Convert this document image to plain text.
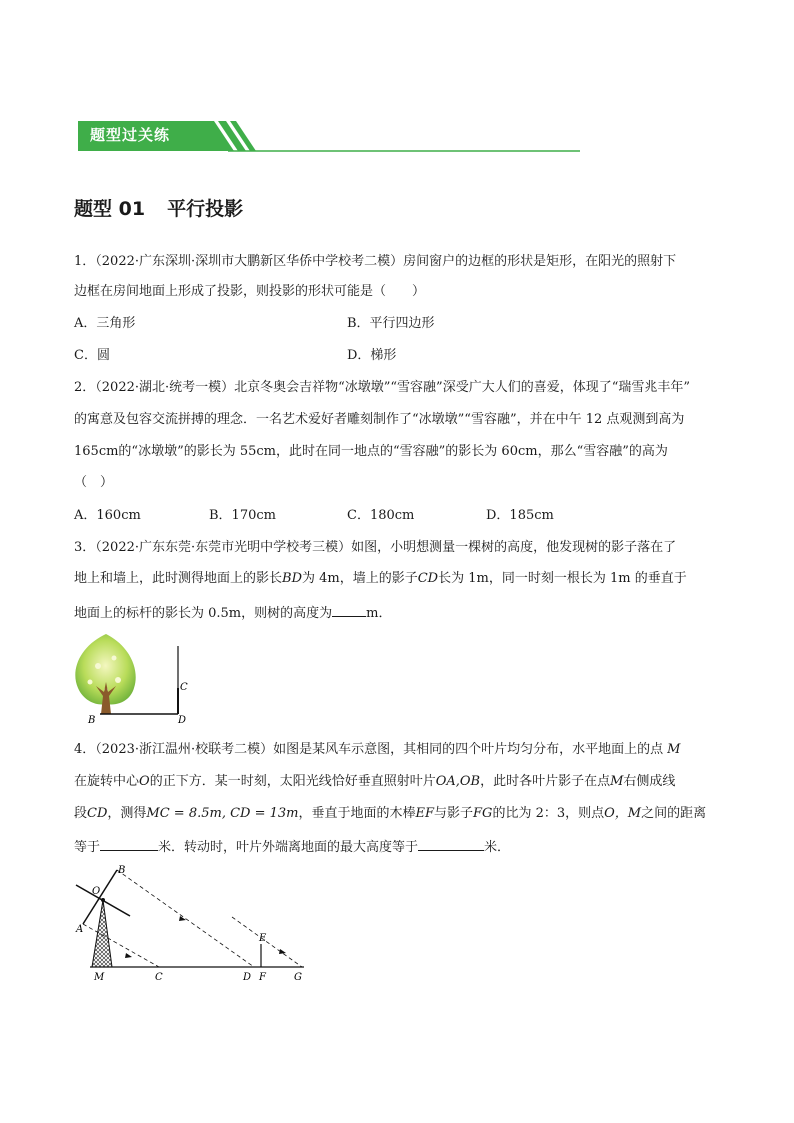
题型过关练
题型 01 平行投影
1．（2022·广东深圳·深圳市大鹏新区华侨中学校考二模）房间窗户的边框的形状是矩形，在阳光的照射下
边框在房间地面上形成了投影，则投影的形状可能是（　　）
A．三角形	B．平行四边形
C．圆	D．梯形
2．（2022·湖北·统考一模）北京冬奥会吉祥物“冰墩墩”“雪容融”深受广大人们的喜爱，体现了“瑞雪兆丰年”
的寓意及包容交流拼搏的理念．一名艺术爱好者雕刻制作了“冰墩墩”“雪容融”，并在中午 12 点观测到高为
165cm的“冰墩墩”的影长为 55cm，此时在同一地点的“雪容融”的影长为 60cm，那么“雪容融”的高为
（　）
A．160cm	B．170cm	C．180cm	D．185cm
3．（2022·广东东莞·东莞市光明中学校考三模）如图，小明想测量一棵树的高度，他发现树的影子落在了
地上和墙上，此时测得地面上的影长BD为 4m，墙上的影子CD长为 1m，同一时刻一根长为 1m 的垂直于
地面上的标杆的影长为 0.5m，则树的高度为	m．
B
C
D
4．（2023·浙江温州·校联考二模）如图是某风车示意图，其相同的四个叶片均匀分布，水平地面上的点 M
在旋转中心O的正下方．某一时刻，太阳光线恰好垂直照射叶片OA,OB，此时各叶片影子在点M右侧成线
段CD，测得MC = 8.5m, CD = 13m，垂直于地面的木棒EF与影子FG的比为 2：3，则点O，M之间的距离
等于	米．转动时，叶片外端离地面的最大高度等于	米．
O
A
B
M	C	D F	G
E
